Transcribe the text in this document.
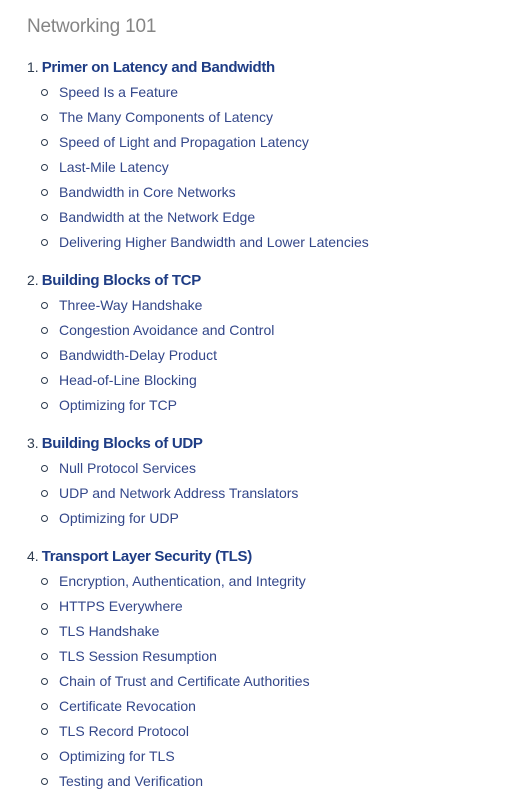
Networking 101
1. Primer on Latency and Bandwidth
Speed Is a Feature
The Many Components of Latency
Speed of Light and Propagation Latency
Last-Mile Latency
Bandwidth in Core Networks
Bandwidth at the Network Edge
Delivering Higher Bandwidth and Lower Latencies
2. Building Blocks of TCP
Three-Way Handshake
Congestion Avoidance and Control
Bandwidth-Delay Product
Head-of-Line Blocking
Optimizing for TCP
3. Building Blocks of UDP
Null Protocol Services
UDP and Network Address Translators
Optimizing for UDP
4. Transport Layer Security (TLS)
Encryption, Authentication, and Integrity
HTTPS Everywhere
TLS Handshake
TLS Session Resumption
Chain of Trust and Certificate Authorities
Certificate Revocation
TLS Record Protocol
Optimizing for TLS
Testing and Verification
